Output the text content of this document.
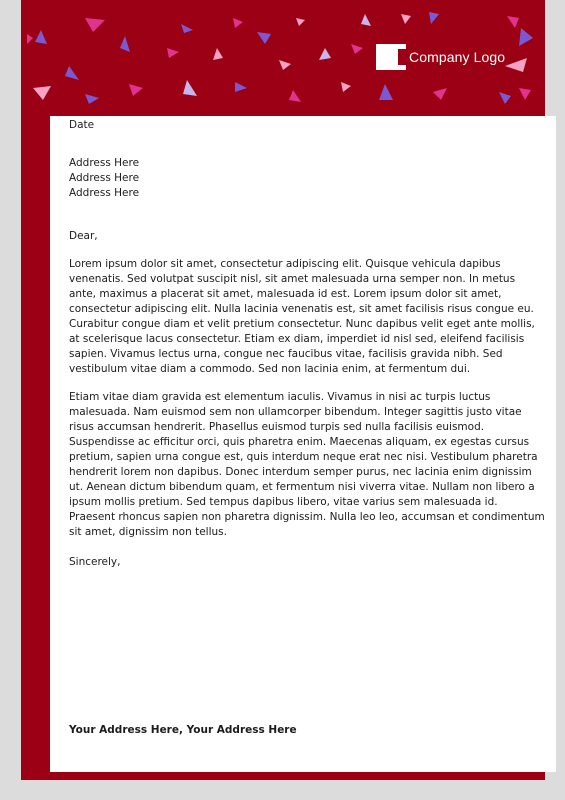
Company Logo
Date
Address Here
Address Here
Address Here
Dear,

Lorem ipsum dolor sit amet, consectetur adipiscing elit. Quisque vehicula dapibus venenatis. Sed volutpat suscipit nisl, sit amet malesuada urna semper non. In metus ante, maximus a placerat sit amet, malesuada id est. Lorem ipsum dolor sit amet, consectetur adipiscing elit. Nulla lacinia venenatis est, sit amet facilisis risus congue eu. Curabitur congue diam et velit pretium consectetur. Nunc dapibus velit eget ante mollis, at scelerisque lacus consectetur. Etiam ex diam, imperdiet id nisl sed, eleifend facilisis sapien. Vivamus lectus urna, congue nec faucibus vitae, facilisis gravida nibh. Sed vestibulum vitae diam a commodo. Sed non lacinia enim, at fermentum dui.

Etiam vitae diam gravida est elementum iaculis. Vivamus in nisi ac turpis luctus malesuada. Nam euismod sem non ullamcorper bibendum. Integer sagittis justo vitae risus accumsan hendrerit. Phasellus euismod turpis sed nulla facilisis euismod. Suspendisse ac efficitur orci, quis pharetra enim. Maecenas aliquam, ex egestas cursus pretium, sapien urna congue est, quis interdum neque erat nec nisi. Vestibulum pharetra hendrerit lorem non dapibus. Donec interdum semper purus, nec lacinia enim dignissim ut. Aenean dictum bibendum quam, et fermentum nisi viverra vitae. Nullam non libero a ipsum mollis pretium. Sed tempus dapibus libero, vitae varius sem malesuada id. Praesent rhoncus sapien non pharetra dignissim. Nulla leo leo, accumsan et condimentum sit amet, dignissim non tellus.

Sincerely,
Your Address Here, Your Address Here
